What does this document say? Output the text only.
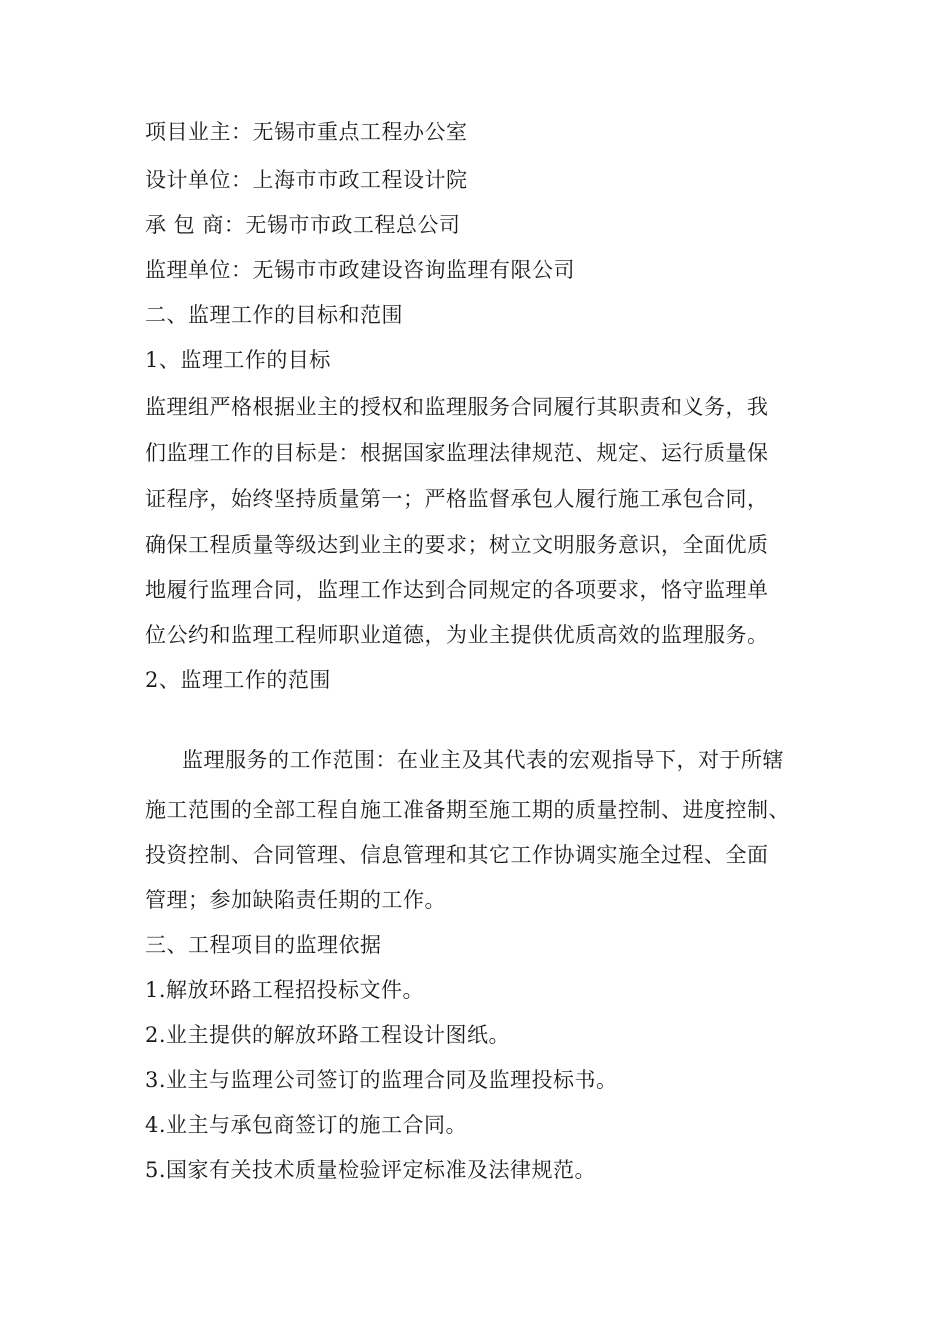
项目业主：无锡市重点工程办公室
设计单位：上海市市政工程设计院
承 包 商：无锡市市政工程总公司
监理单位：无锡市市政建设咨询监理有限公司
二、监理工作的目标和范围
1、监理工作的目标
监理组严格根据业主的授权和监理服务合同履行其职责和义务，我
们监理工作的目标是：根据国家监理法律规范、规定、运行质量保
证程序，始终坚持质量第一；严格监督承包人履行施工承包合同，
确保工程质量等级达到业主的要求；树立文明服务意识，全面优质
地履行监理合同，监理工作达到合同规定的各项要求，恪守监理单
位公约和监理工程师职业道德，为业主提供优质高效的监理服务。
2、监理工作的范围
监理服务的工作范围：在业主及其代表的宏观指导下，对于所辖
施工范围的全部工程自施工准备期至施工期的质量控制、进度控制、
投资控制、合同管理、信息管理和其它工作协调实施全过程、全面
管理；参加缺陷责任期的工作。
三、工程项目的监理依据
1.解放环路工程招投标文件。
2.业主提供的解放环路工程设计图纸。
3.业主与监理公司签订的监理合同及监理投标书。
4.业主与承包商签订的施工合同。
5.国家有关技术质量检验评定标准及法律规范。
